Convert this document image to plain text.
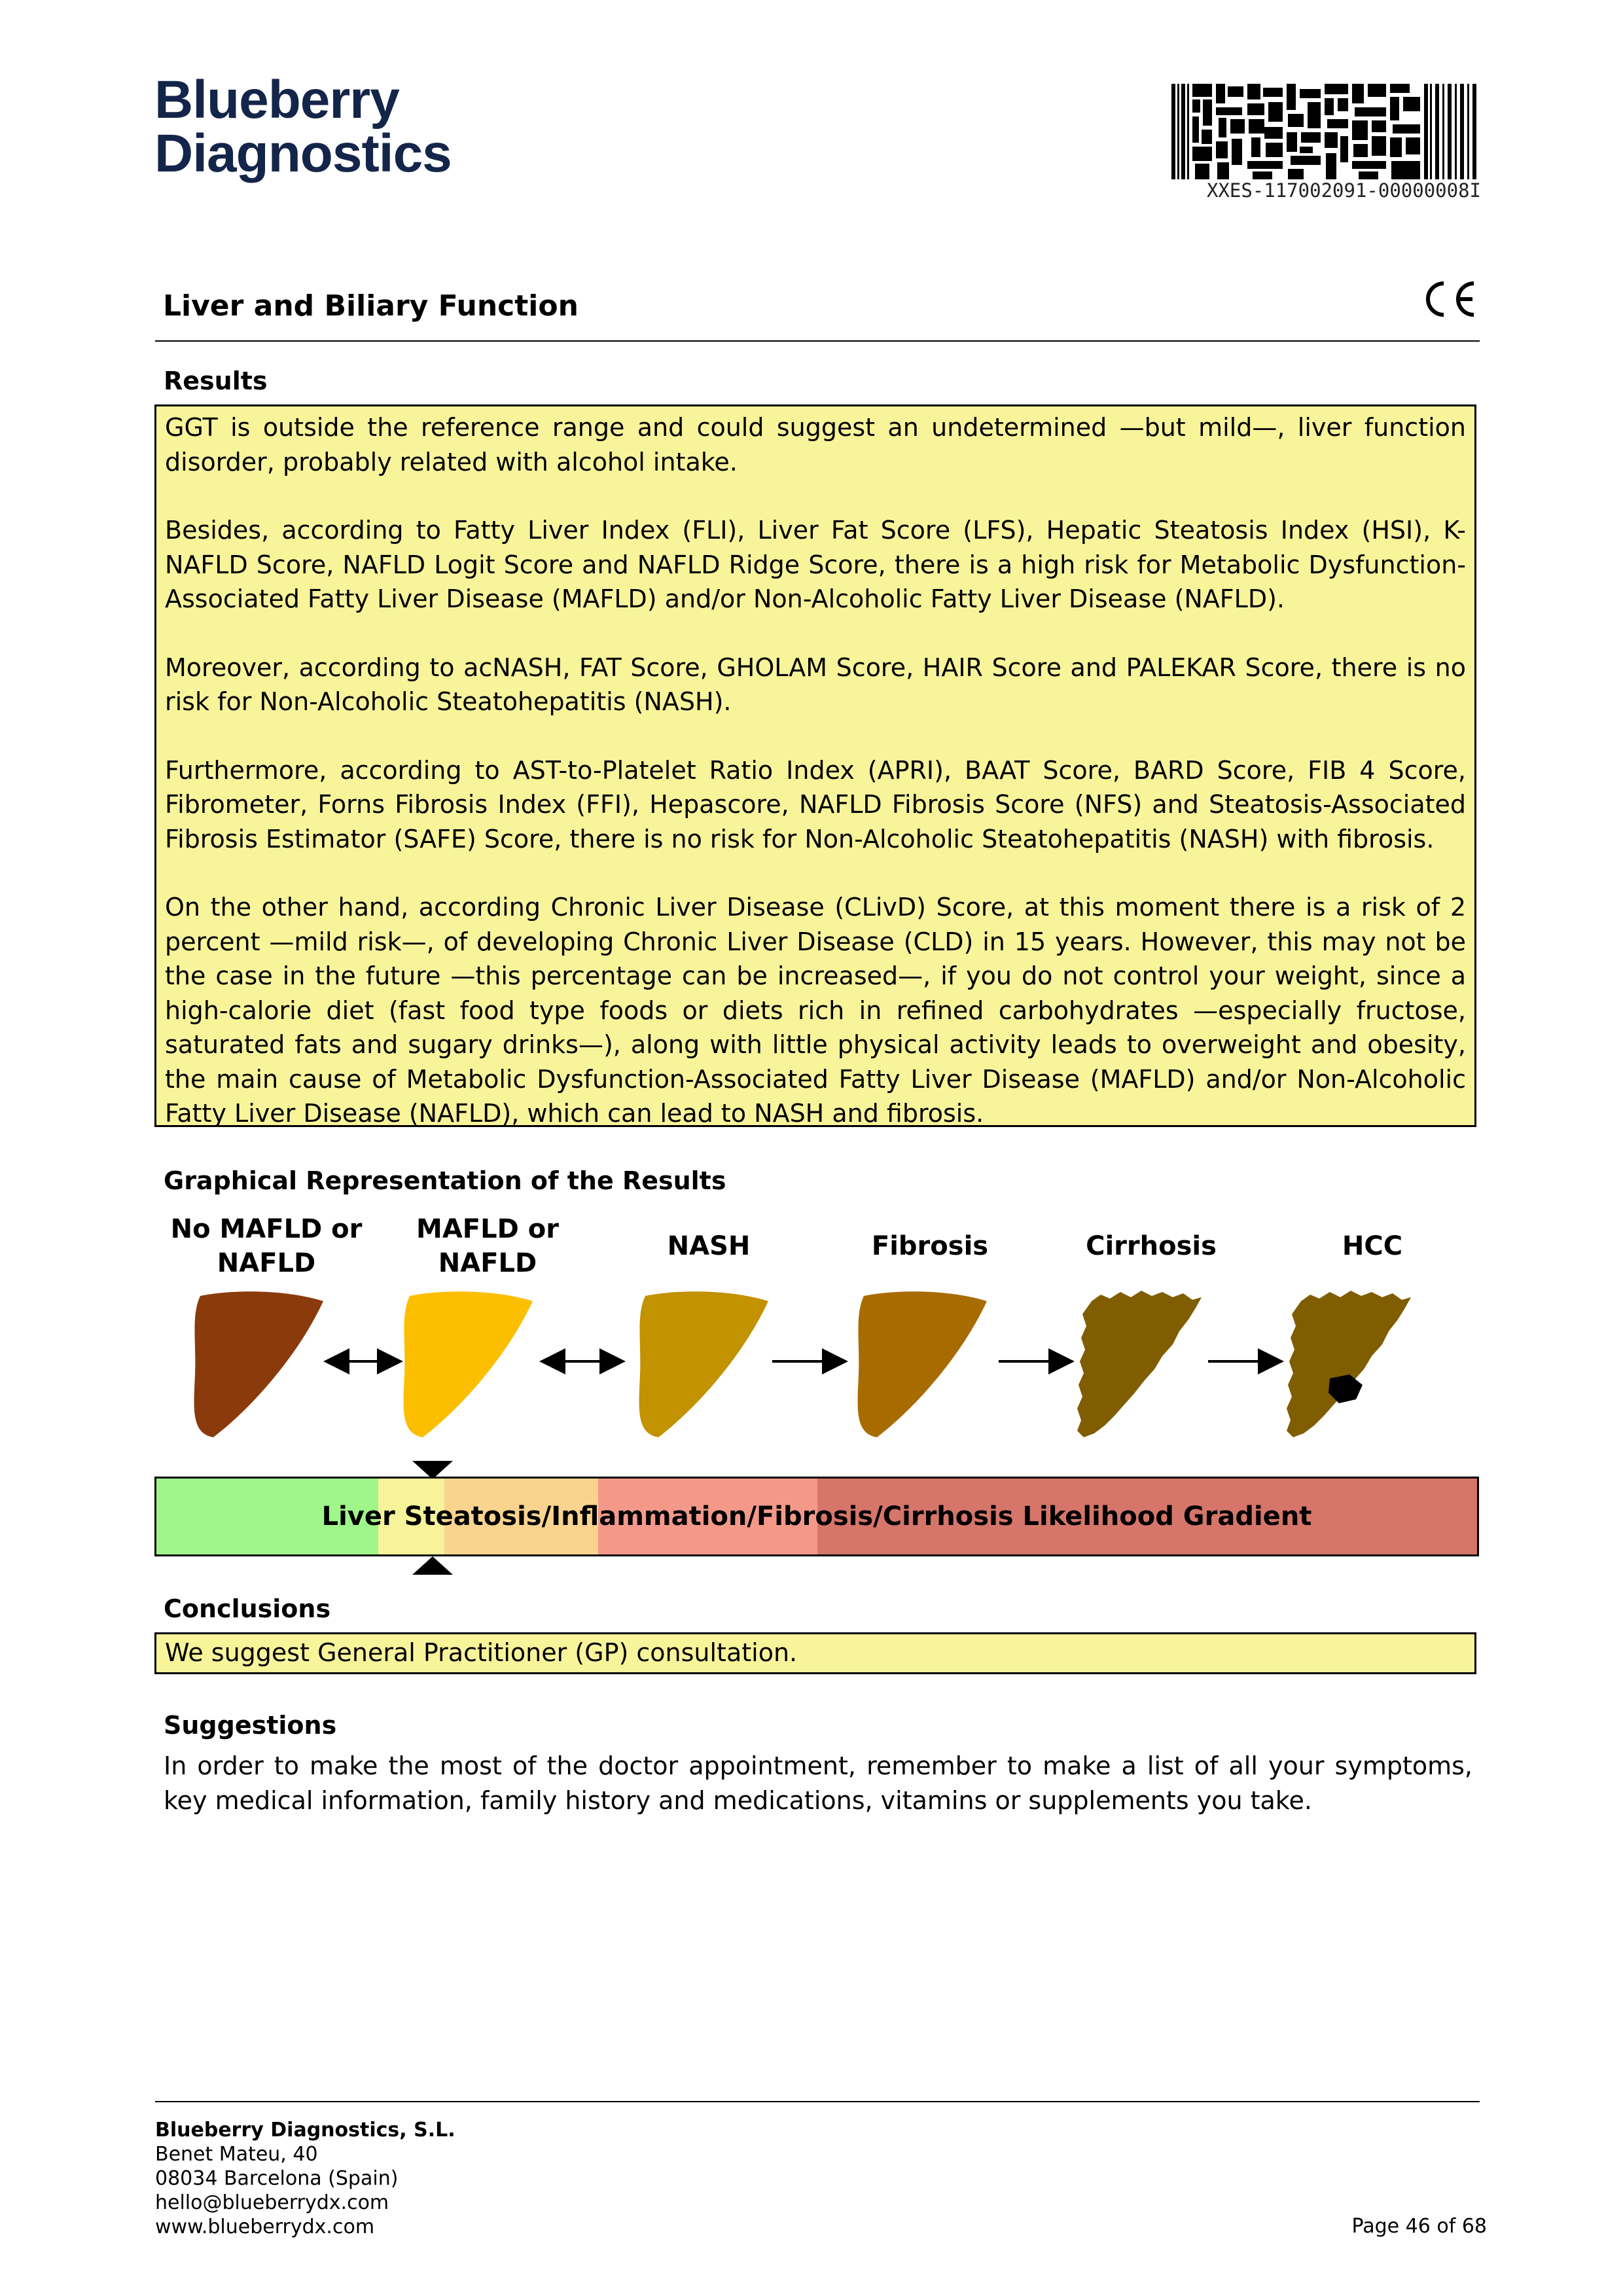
Blueberry
Diagnostics
XXES-117002091-00000008I
Liver and Biliary Function
Results

GGT is outside the reference range and could suggest an undetermined —but mild—, liver function disorder, probably related with alcohol intake.

Besides, according to Fatty Liver Index (FLI), Liver Fat Score (LFS), Hepatic Steatosis Index (HSI), K-NAFLD Score, NAFLD Logit Score and NAFLD Ridge Score, there is a high risk for Metabolic Dysfunction-Associated Fatty Liver Disease (MAFLD) and/or Non-Alcoholic Fatty Liver Disease (NAFLD).

Moreover, according to acNASH, FAT Score, GHOLAM Score, HAIR Score and PALEKAR Score, there is no risk for Non-Alcoholic Steatohepatitis (NASH).

Furthermore, according to AST-to-Platelet Ratio Index (APRI), BAAT Score, BARD Score, FIB 4 Score, Fibrometer, Forns Fibrosis Index (FFI), Hepascore, NAFLD Fibrosis Score (NFS) and Steatosis-Associated Fibrosis Estimator (SAFE) Score, there is no risk for Non-Alcoholic Steatohepatitis (NASH) with fibrosis.

On the other hand, according Chronic Liver Disease (CLivD) Score, at this moment there is a risk of 2 percent —mild risk—, of developing Chronic Liver Disease (CLD) in 15 years. However, this may not be the case in the future —this percentage can be increased—, if you do not control your weight, since a high-calorie diet (fast food type foods or diets rich in refined carbohydrates —especially fructose, saturated fats and sugary drinks—), along with little physical activity leads to overweight and obesity, the main cause of Metabolic Dysfunction-Associated Fatty Liver Disease (MAFLD) and/or Non-Alcoholic Fatty Liver Disease (NAFLD), which can lead to NASH and fibrosis.

Graphical Representation of the Results
No MAFLD or NAFLD
MAFLD or NAFLD
NASH	Fibrosis	Cirrhosis	HCC
Liver Steatosis/Inflammation/Fibrosis/Cirrhosis Likelihood Gradient
Conclusions
We suggest General Practitioner (GP) consultation.
Suggestions
In order to make the most of the doctor appointment, remember to make a list of all your symptoms, key medical information, family history and medications, vitamins or supplements you take.
Blueberry Diagnostics, S.L.
Benet Mateu, 40
08034 Barcelona (Spain)
hello@blueberrydx.com
www.blueberrydx.com	Page 46 of 68
